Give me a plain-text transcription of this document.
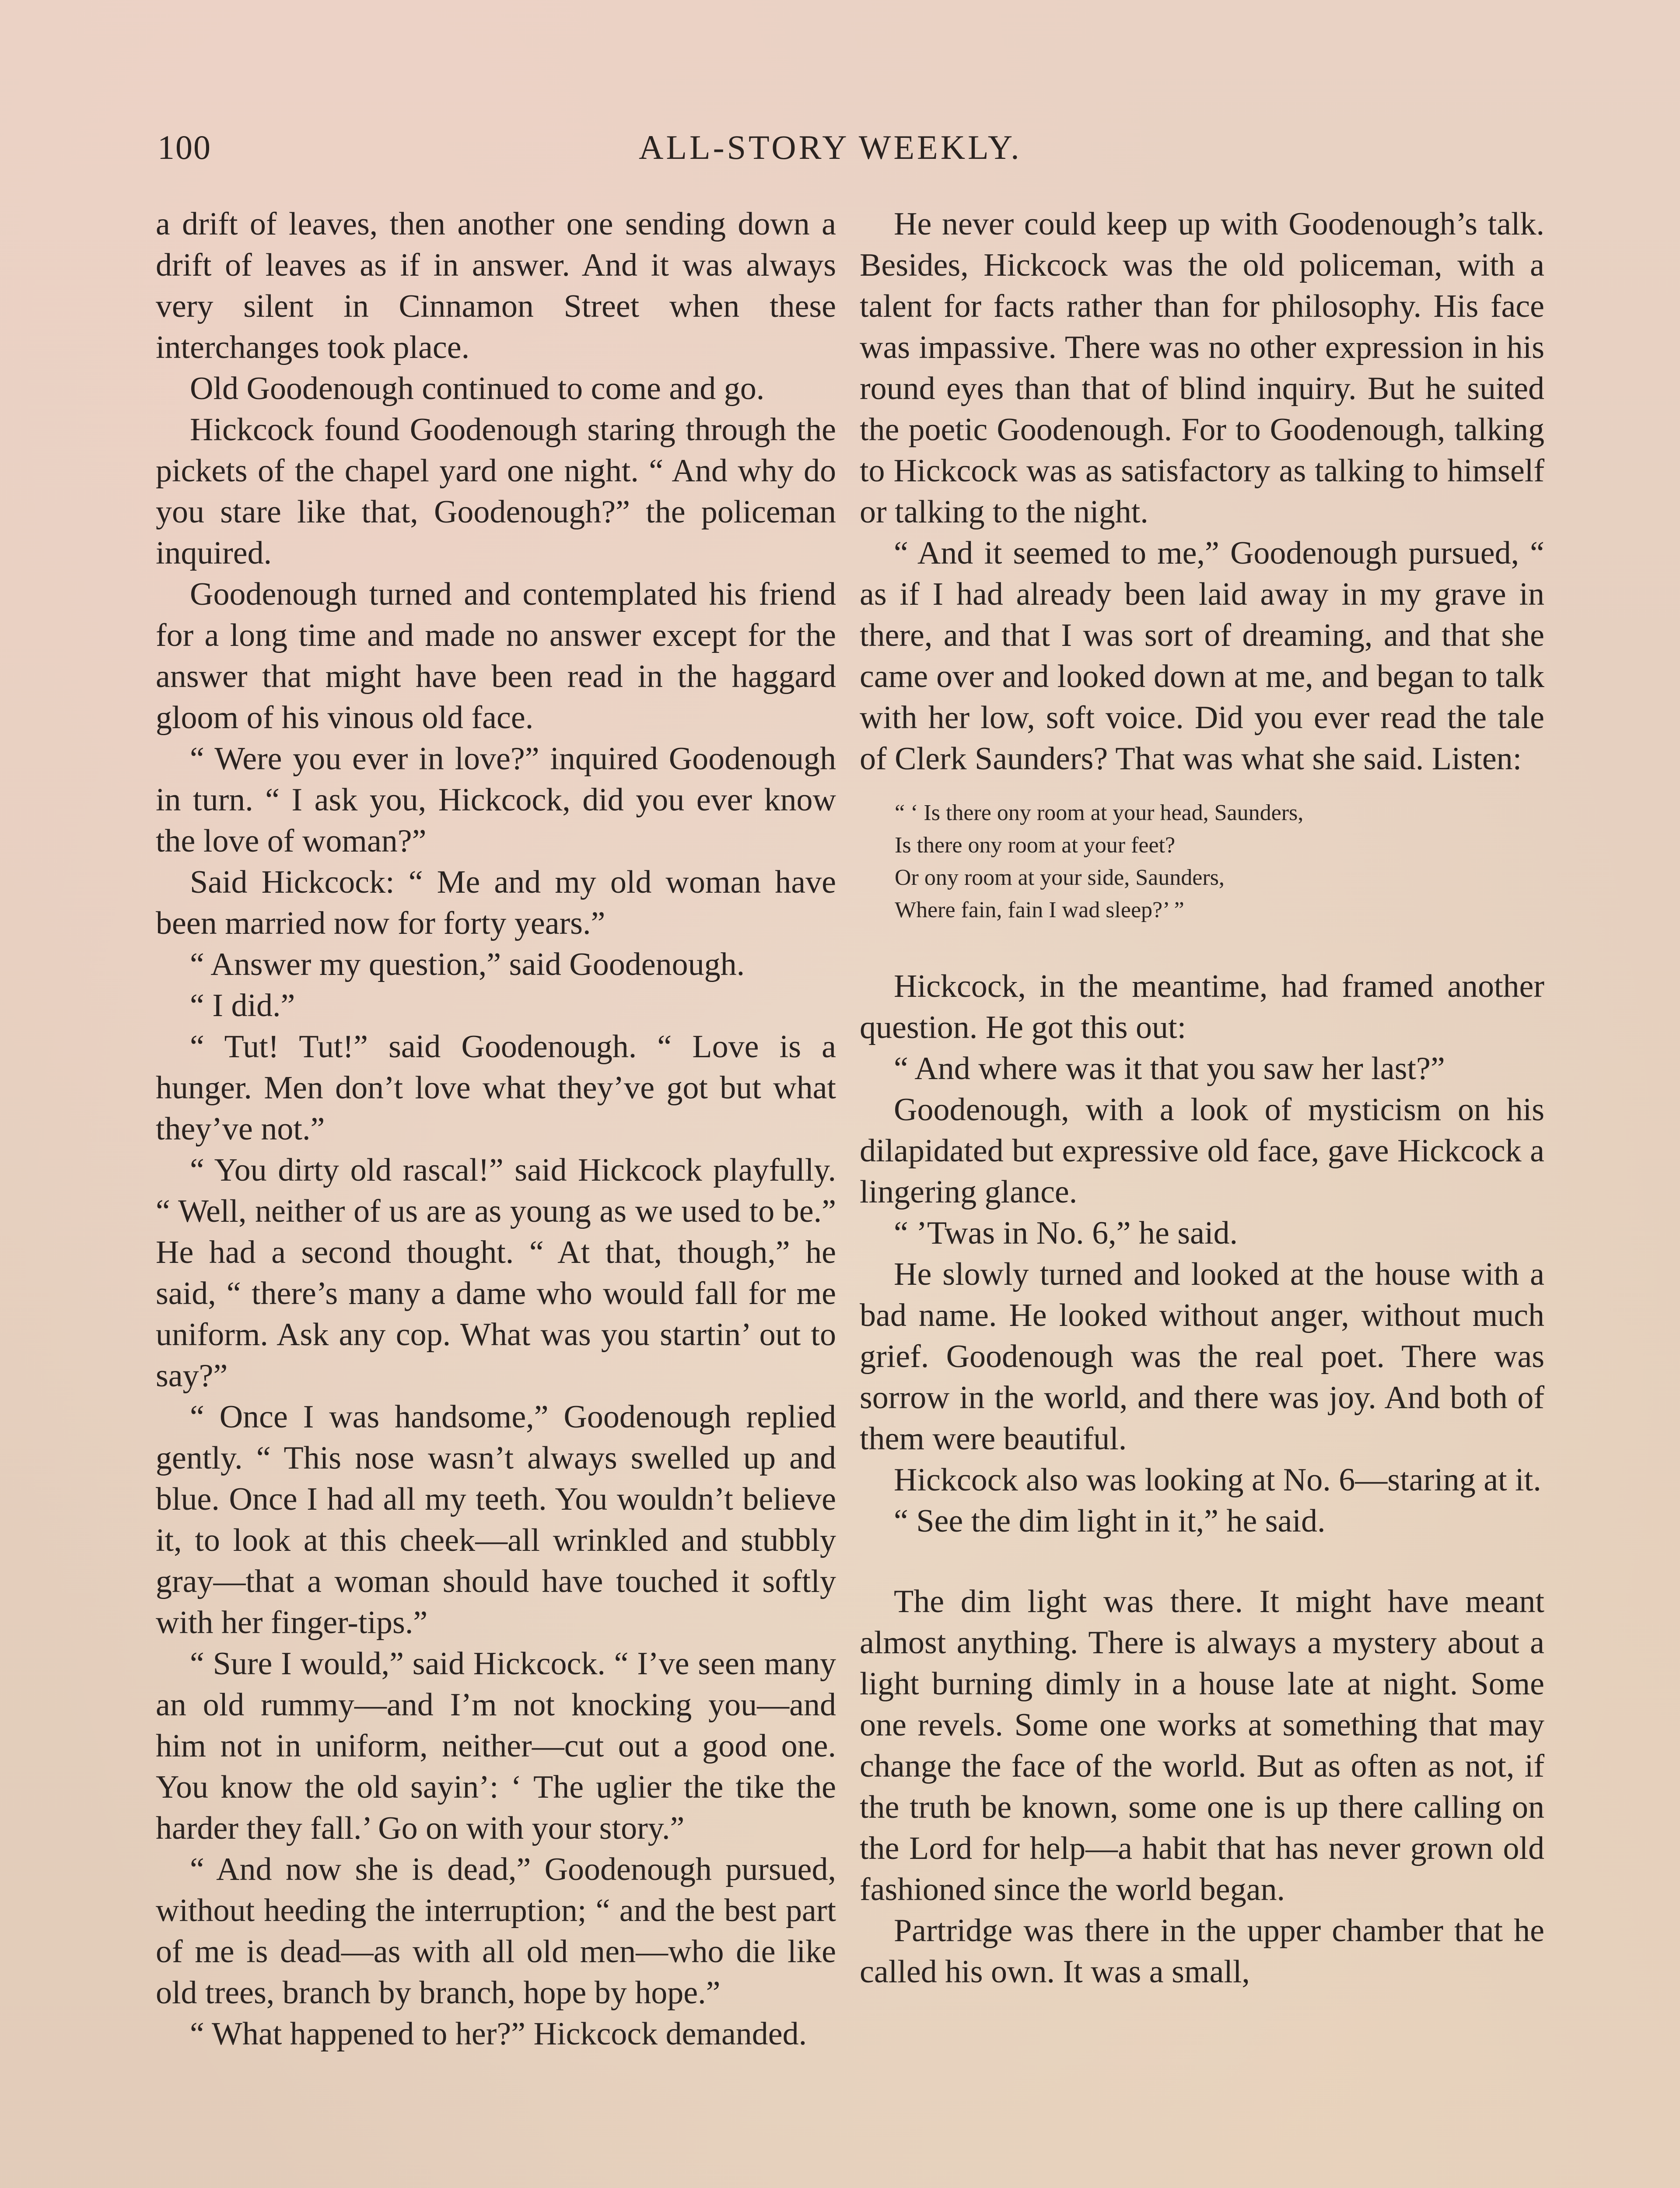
100	ALL-STORY WEEKLY.

a drift of leaves, then another one sending down a drift of leaves as if in answer. And it was always very silent in Cinnamon Street when these interchanges took place.

Old Goodenough continued to come and go.

Hickcock found Goodenough staring through the pickets of the chapel yard one night. “ And why do you stare like that, Goodenough?” the policeman inquired.

Goodenough turned and contemplated his friend for a long time and made no answer except for the answer that might have been read in the haggard gloom of his vinous old face.

“ Were you ever in love?” inquired Goodenough in turn. “ I ask you, Hickcock, did you ever know the love of woman?”

Said Hickcock: “ Me and my old woman have been married now for forty years.”

“ Answer my question,” said Goodenough.

“ I did.”

“ Tut! Tut!” said Goodenough. “ Love is a hunger. Men don’t love what they’ve got but what they’ve not.”

“ You dirty old rascal!” said Hickcock playfully. “ Well, neither of us are as young as we used to be.” He had a second thought. “ At that, though,” he said, “ there’s many a dame who would fall for me uniform. Ask any cop. What was you startin’ out to say?”

“ Once I was handsome,” Goodenough replied gently. “ This nose wasn’t always swelled up and blue. Once I had all my teeth. You wouldn’t believe it, to look at this cheek—all wrinkled and stubbly gray—that a woman should have touched it softly with her finger-tips.”

“ Sure I would,” said Hickcock. “ I’ve seen many an old rummy—and I’m not knocking you—and him not in uniform, neither—cut out a good one. You know the old sayin’: ‘ The uglier the tike the harder they fall.’ Go on with your story.”

“ And now she is dead,” Goodenough pursued, without heeding the interruption; “ and the best part of me is dead—as with all old men—who die like old trees, branch by branch, hope by hope.”

“ What happened to her?” Hickcock demanded.

He never could keep up with Goodenough’s talk. Besides, Hickcock was the old policeman, with a talent for facts rather than for philosophy. His face was impassive. There was no other expression in his round eyes than that of blind inquiry. But he suited the poetic Goodenough. For to Goodenough, talking to Hickcock was as satisfactory as talking to himself or talking to the night.

“ And it seemed to me,” Goodenough pursued, “ as if I had already been laid away in my grave in there, and that I was sort of dreaming, and that she came over and looked down at me, and began to talk with her low, soft voice. Did you ever read the tale of Clerk Saunders? That was what she said. Listen:

“ ‘ Is there ony room at your head, Saunders,
Is there ony room at your feet?
Or ony room at your side, Saunders,
Where fain, fain I wad sleep?’ ”

Hickcock, in the meantime, had framed another question. He got this out:

“ And where was it that you saw her last?”

Goodenough, with a look of mysticism on his dilapidated but expressive old face, gave Hickcock a lingering glance.

“ ’Twas in No. 6,” he said.

He slowly turned and looked at the house with a bad name. He looked without anger, without much grief. Goodenough was the real poet. There was sorrow in the world, and there was joy. And both of them were beautiful.

Hickcock also was looking at No. 6—staring at it.

“ See the dim light in it,” he said.

The dim light was there. It might have meant almost anything. There is always a mystery about a light burning dimly in a house late at night. Some one revels. Some one works at something that may change the face of the world. But as often as not, if the truth be known, some one is up there calling on the Lord for help—a habit that has never grown old fashioned since the world began.

Partridge was there in the upper chamber that he called his own. It was a small,
